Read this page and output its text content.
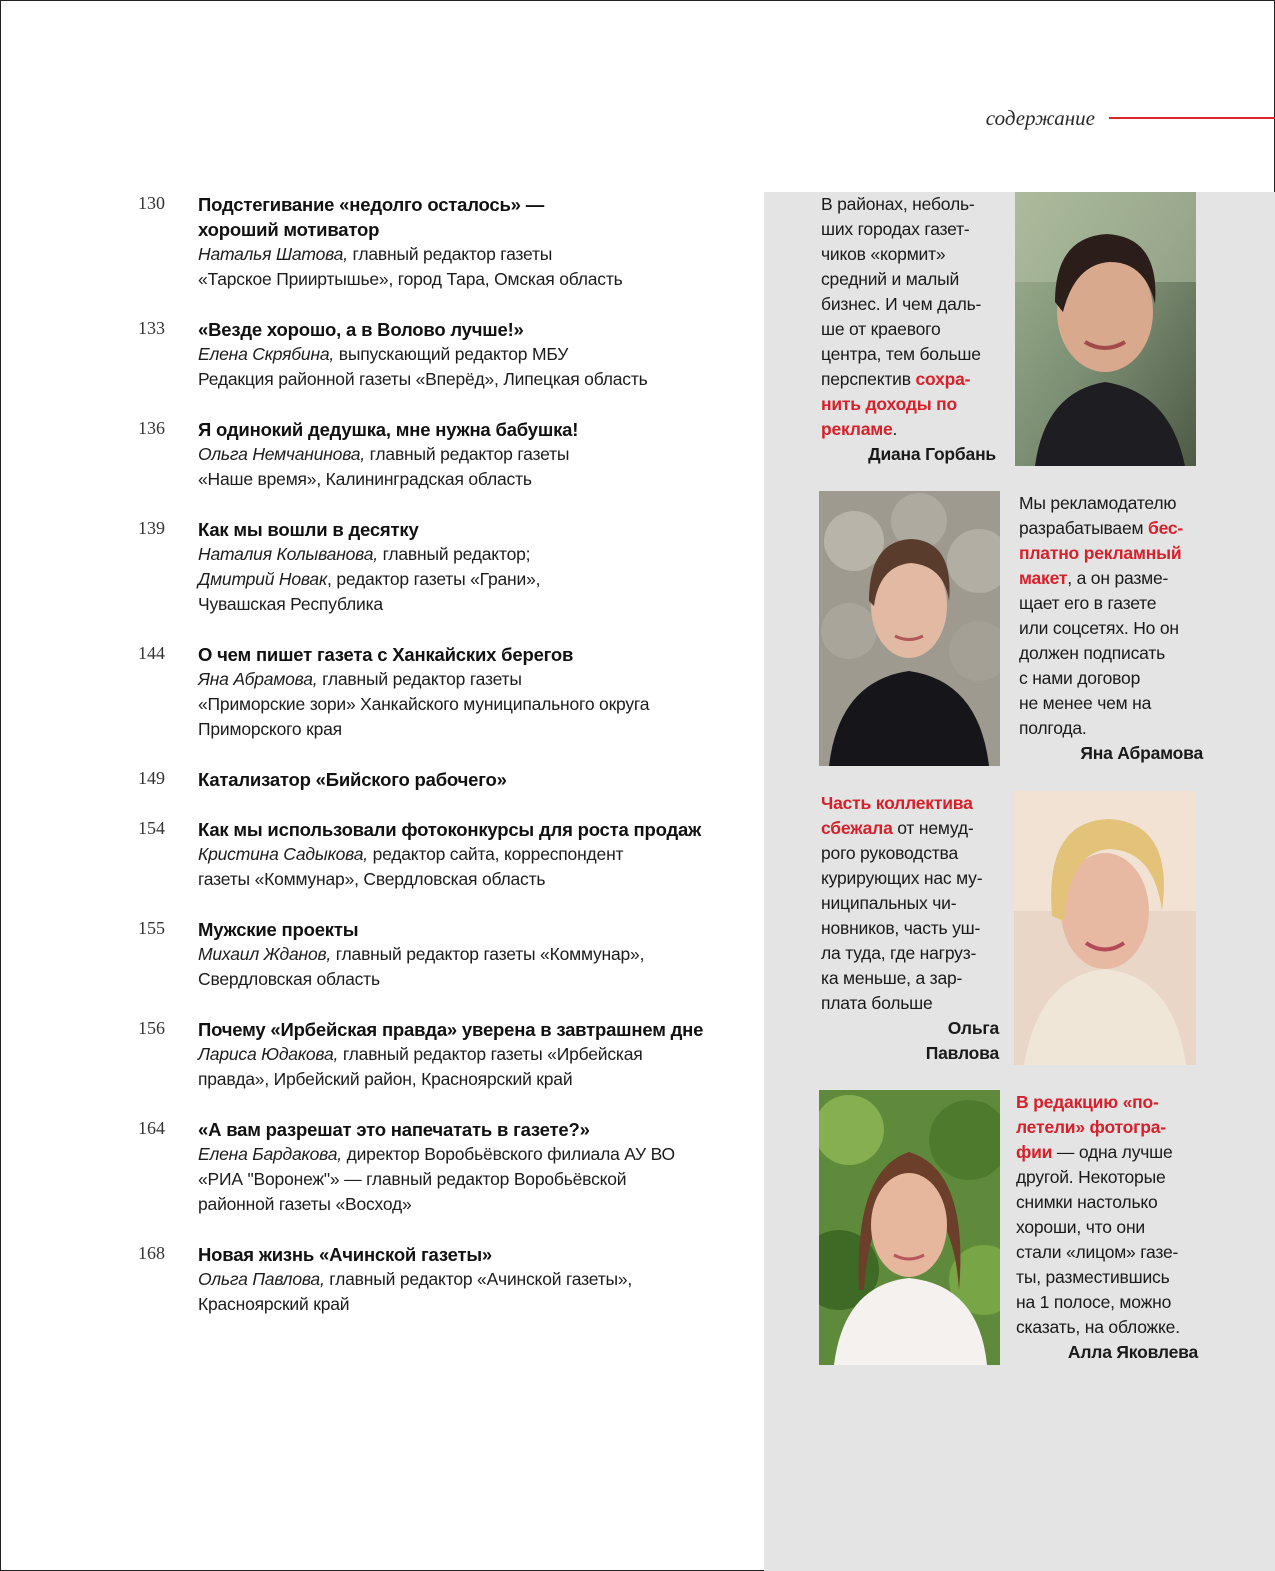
содержание
130 Подстегивание «недолго осталось» —
хороший мотиватор
Наталья Шатова, главный редактор газеты
«Тарское Прииртышье», город Тара, Омская область
133 «Везде хорошо, а в Волово лучше!»
Елена Скрябина, выпускающий редактор МБУ
Редакция районной газеты «Вперёд», Липецкая область
136 Я одинокий дедушка, мне нужна бабушка!
Ольга Немчанинова, главный редактор газеты
«Наше время», Калининградская область
139 Как мы вошли в десятку
Наталия Колыванова, главный редактор;
Дмитрий Новак, редактор газеты «Грани»,
Чувашская Республика
144 О чем пишет газета с Ханкайских берегов
Яна Абрамова, главный редактор газеты
«Приморские зори» Ханкайского муниципального округа
Приморского края
149 Катализатор «Бийского рабочего»
154 Как мы использовали фотоконкурсы для роста продаж
Кристина Садыкова, редактор сайта, корреспондент
газеты «Коммунар», Свердловская область
155 Мужские проекты
Михаил Жданов, главный редактор газеты «Коммунар»,
Свердловская область
156 Почему «Ирбейская правда» уверена в завтрашнем дне
Лариса Юдакова, главный редактор газеты «Ирбейская
правда», Ирбейский район, Красноярский край
164 «А вам разрешат это напечатать в газете?»
Елена Бардакова, директор Воробьёвского филиала АУ ВО
«РИА "Воронеж"» — главный редактор Воробьёвской
районной газеты «Восход»
168 Новая жизнь «Ачинской газеты»
Ольга Павлова, главный редактор «Ачинской газеты»,
Красноярский край
В районах, неболь-
ших городах газет-
чиков «кормит»
средний и малый
бизнес. И чем даль-
ше от краевого
центра, тем больше
перспектив сохра-
нить доходы по
рекламе.
Диана Горбань
Мы рекламодателю
разрабатываем бес-
платно рекламный
макет, а он разме-
щает его в газете
или соцсетях. Но он
должен подписать
с нами договор
не менее чем на
полгода.
Яна Абрамова
Часть коллектива
сбежала от немуд-
рого руководства
курирующих нас му-
ниципальных чи-
новников, часть уш-
ла туда, где нагруз-
ка меньше, а зар-
плата больше
Ольга
Павлова
В редакцию «по-
летели» фотогра-
фии — одна лучше
другой. Некоторые
снимки настолько
хороши, что они
стали «лицом» газе-
ты, разместившись
на 1 полосе, можно
сказать, на обложке.
Алла Яковлева
